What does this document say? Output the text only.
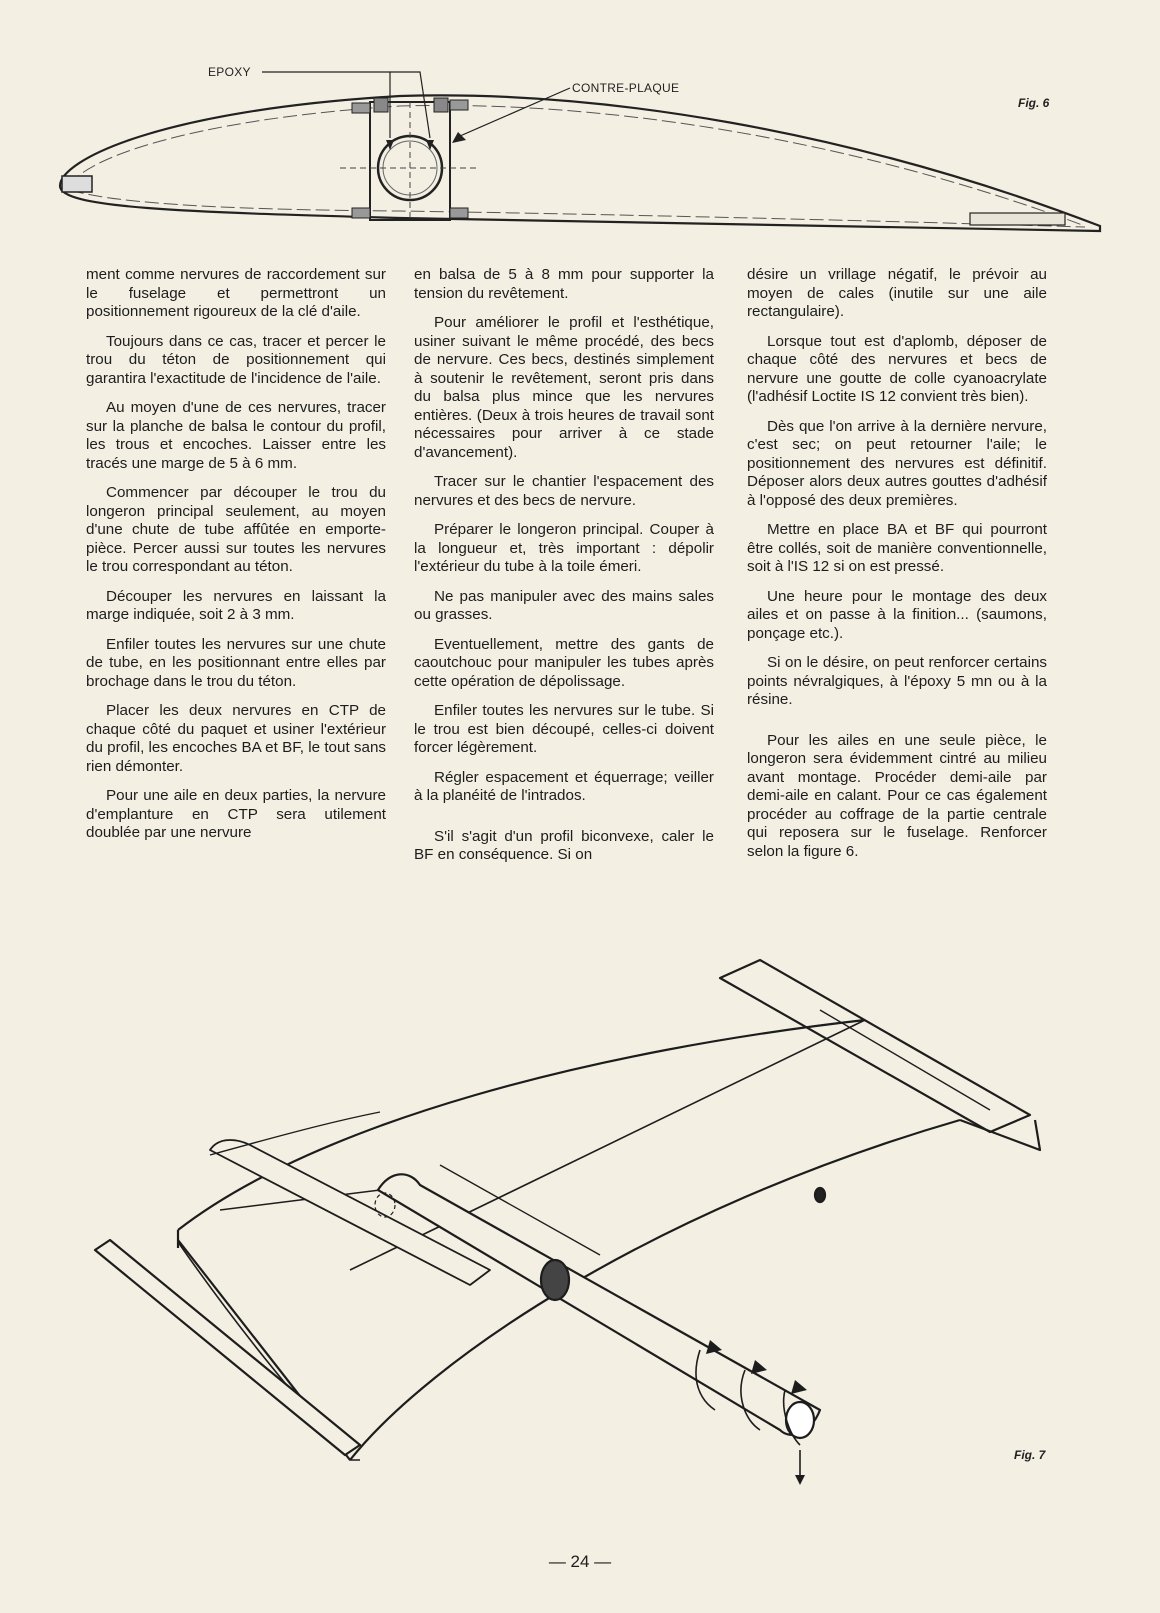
EPOXY
CONTRE-PLAQUE
Fig. 6

ment comme nervures de raccordement sur le fuselage et permettront un positionnement rigoureux de la clé d'aile.

Toujours dans ce cas, tracer et percer le trou du téton de positionnement qui garantira l'exactitude de l'incidence de l'aile.

Au moyen d'une de ces nervures, tracer sur la planche de balsa le contour du profil, les trous et encoches. Laisser entre les tracés une marge de 5 à 6 mm.

Commencer par découper le trou du longeron principal seulement, au moyen d'une chute de tube affûtée en emporte-pièce. Percer aussi sur toutes les nervures le trou correspondant au téton.

Découper les nervures en laissant la marge indiquée, soit 2 à 3 mm.

Enfiler toutes les nervures sur une chute de tube, en les positionnant entre elles par brochage dans le trou du téton.

Placer les deux nervures en CTP de chaque côté du paquet et usiner l'extérieur du profil, les encoches BA et BF, le tout sans rien démonter.

Pour une aile en deux parties, la nervure d'emplanture en CTP sera utilement doublée par une nervure

en balsa de 5 à 8 mm pour supporter la tension du revêtement.

Pour améliorer le profil et l'esthétique, usiner suivant le même procédé, des becs de nervure. Ces becs, destinés simplement à soutenir le revêtement, seront pris dans du balsa plus mince que les nervures entières. (Deux à trois heures de travail sont nécessaires pour arriver à ce stade d'avancement).

Tracer sur le chantier l'espacement des nervures et des becs de nervure.

Préparer le longeron principal. Couper à la longueur et, très important : dépolir l'extérieur du tube à la toile émeri.

Ne pas manipuler avec des mains sales ou grasses.

Eventuellement, mettre des gants de caoutchouc pour manipuler les tubes après cette opération de dépolissage.

Enfiler toutes les nervures sur le tube. Si le trou est bien découpé, celles-ci doivent forcer légèrement.

Régler espacement et équerrage; veiller à la planéité de l'intrados.

S'il s'agit d'un profil biconvexe, caler le BF en conséquence. Si on

désire un vrillage négatif, le prévoir au moyen de cales (inutile sur une aile rectangulaire).

Lorsque tout est d'aplomb, déposer de chaque côté des nervures et becs de nervure une goutte de colle cyanoacrylate (l'adhésif Loctite IS 12 convient très bien).

Dès que l'on arrive à la dernière nervure, c'est sec; on peut retourner l'aile; le positionnement des nervures est définitif. Déposer alors deux autres gouttes d'adhésif à l'opposé des deux premières.

Mettre en place BA et BF qui pourront être collés, soit de manière conventionnelle, soit à l'IS 12 si on est pressé.

Une heure pour le montage des deux ailes et on passe à la finition... (saumons, ponçage etc.).

Si on le désire, on peut renforcer certains points névralgiques, à l'époxy 5 mn ou à la résine.

Pour les ailes en une seule pièce, le longeron sera évidemment cintré au milieu avant montage. Procéder demi-aile par demi-aile en calant. Pour ce cas également procéder au coffrage de la partie centrale qui reposera sur le fuselage. Renforcer selon la figure 6.

Fig. 7
— 24 —
